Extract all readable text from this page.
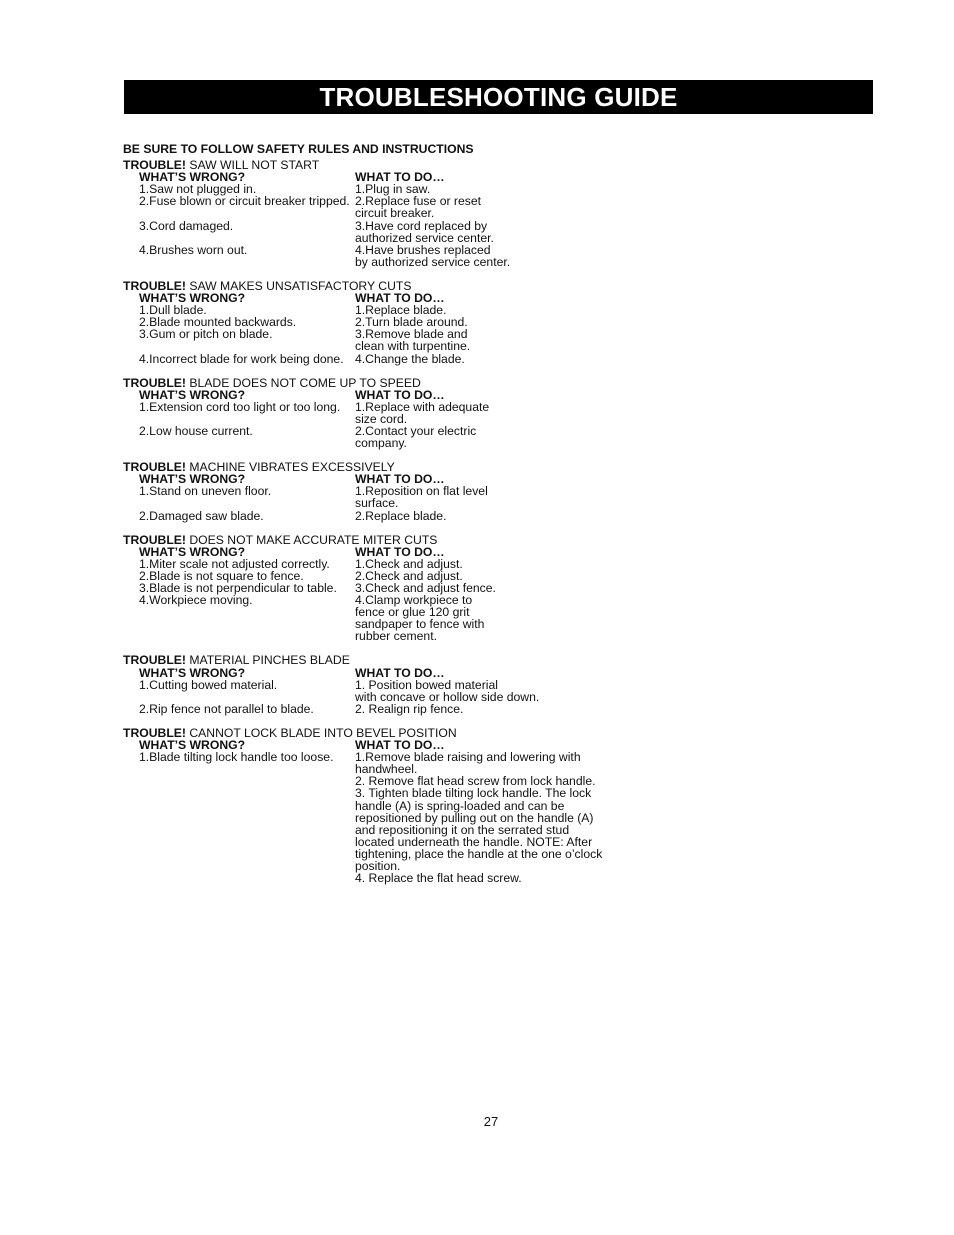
TROUBLESHOOTING GUIDE
BE SURE TO FOLLOW SAFETY RULES AND INSTRUCTIONS
TROUBLE! SAW WILL NOT START
WHAT’S WRONG?	WHAT TO DO…
1.Saw not plugged in.	1.Plug in saw.
2.Fuse blown or circuit breaker tripped. 2.Replace fuse or reset
circuit breaker.
3.Cord damaged.	3.Have cord replaced by
authorized service center.
4.Brushes worn out.	4.Have brushes replaced
by authorized service center.
TROUBLE! SAW MAKES UNSATISFACTORY CUTS
WHAT’S WRONG?	WHAT TO DO…
1.Dull blade.	1.Replace blade.
2.Blade mounted backwards.	2.Turn blade around.
3.Gum or pitch on blade.	3.Remove blade and
clean with turpentine.
4.Incorrect blade for work being done. 4.Change the blade.
TROUBLE! BLADE DOES NOT COME UP TO SPEED
WHAT’S WRONG?	WHAT TO DO…
1.Extension cord too light or too long.	1.Replace with adequate
size cord.
2.Low house current.	2.Contact your electric
company.
TROUBLE! MACHINE VIBRATES EXCESSIVELY
WHAT’S WRONG?	WHAT TO DO…
1.Stand on uneven floor.	1.Reposition on flat level
surface.
2.Damaged saw blade.	2.Replace blade.
TROUBLE! DOES NOT MAKE ACCURATE MITER CUTS
WHAT’S WRONG?	WHAT TO DO…
1.Miter scale not adjusted correctly.	1.Check and adjust.
2.Blade is not square to fence.	2.Check and adjust.
3.Blade is not perpendicular to table.	3.Check and adjust fence.
4.Workpiece moving.	4.Clamp workpiece to
fence or glue 120 grit
sandpaper to fence with
rubber cement.
TROUBLE! MATERIAL PINCHES BLADE
WHAT’S WRONG?	WHAT TO DO…
1.Cutting bowed material.	1. Position bowed material
with concave or hollow side down.
2.Rip fence not parallel to blade.	2. Realign rip fence.
TROUBLE! CANNOT LOCK BLADE INTO BEVEL POSITION
WHAT’S WRONG?	WHAT TO DO…
1.Blade tilting lock handle too loose.	1.Remove blade raising and lowering with
handwheel.
2. Remove flat head screw from lock handle.
3. Tighten blade tilting lock handle. The lock
handle (A) is spring-loaded and can be
repositioned by pulling out on the handle (A)
and repositioning it on the serrated stud
located underneath the handle. NOTE: After
tightening, place the handle at the one o’clock
position.
4. Replace the flat head screw.
27
